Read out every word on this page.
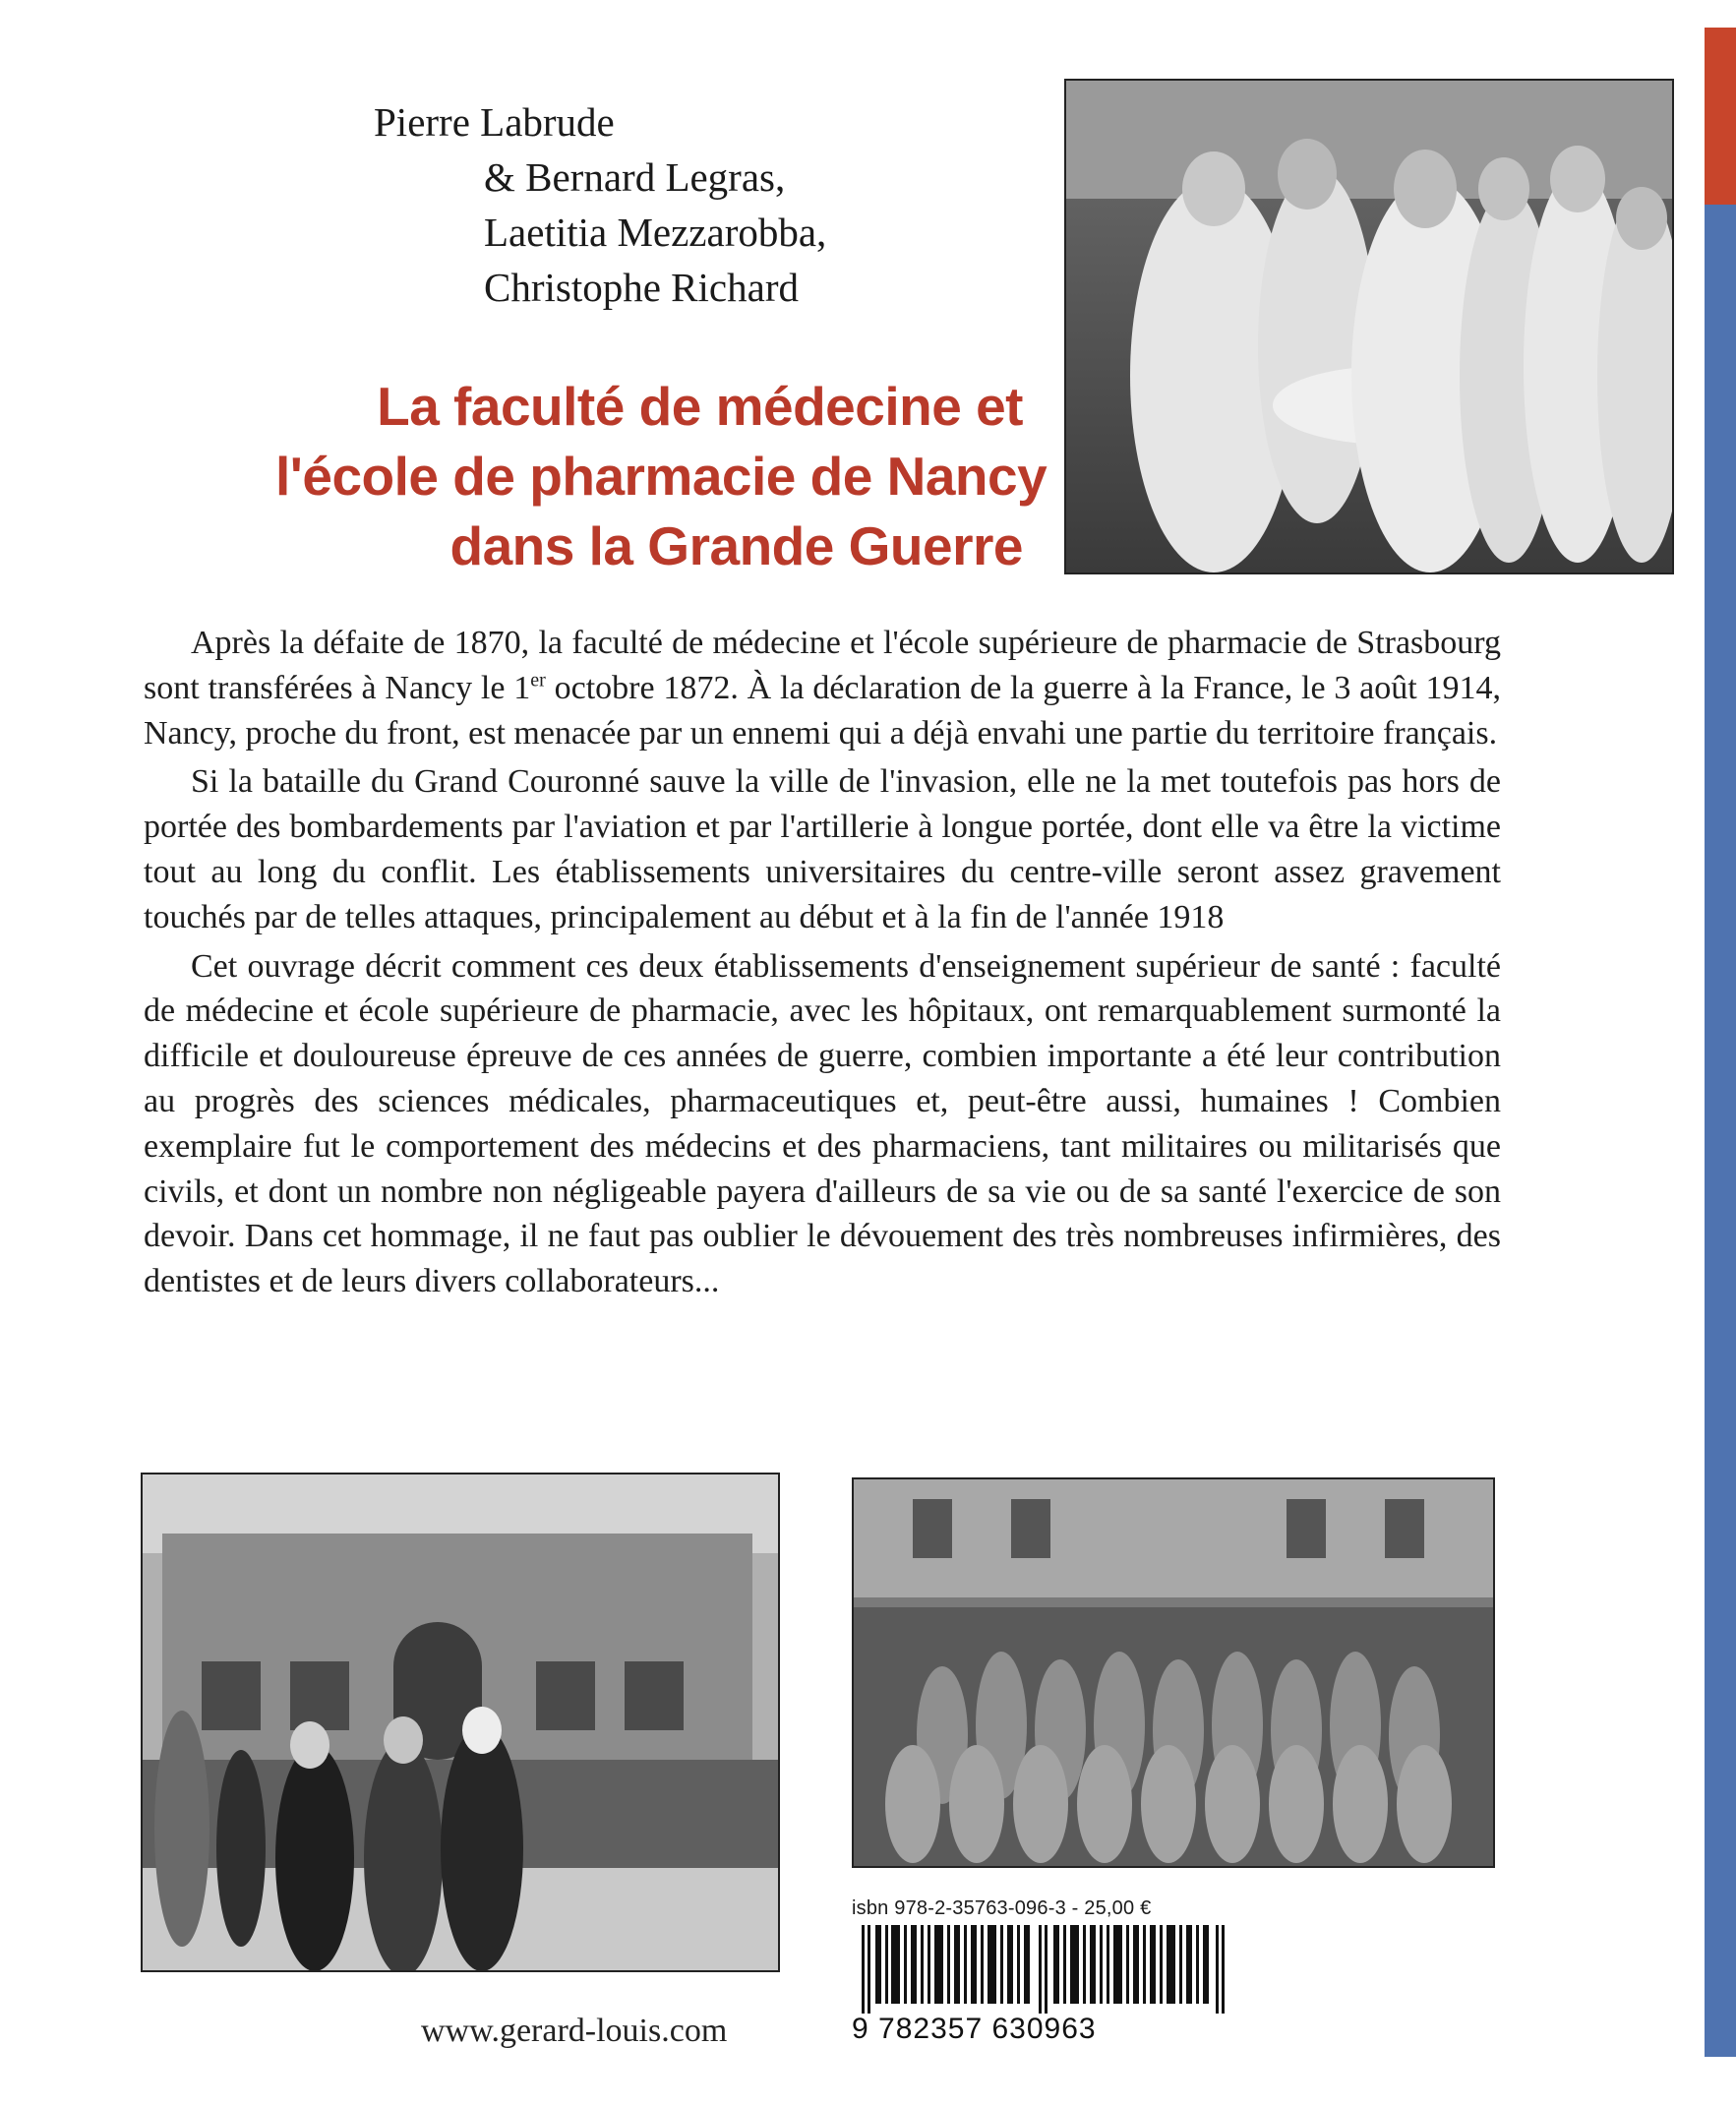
Pierre Labrude
& Bernard Legras,
Laetitia Mezzarobba,
Christophe Richard
La faculté de médecine et
l'école de pharmacie de Nancy
dans la Grande Guerre

Après la défaite de 1870, la faculté de médecine et l'école supérieure de pharmacie de Strasbourg sont transférées à Nancy le 1er octobre 1872. À la déclaration de la guerre à la France, le 3 août 1914, Nancy, proche du front, est menacée par un ennemi qui a déjà envahi une partie du territoire français.

Si la bataille du Grand Couronné sauve la ville de l'invasion, elle ne la met toutefois pas hors de portée des bombardements par l'aviation et par l'artillerie à longue portée, dont elle va être la victime tout au long du conflit. Les établissements universitaires du centre-ville seront assez gravement touchés par de telles attaques, principalement au début et à la fin de l'année 1918

Cet ouvrage décrit comment ces deux établissements d'enseignement supérieur de santé : faculté de médecine et école supérieure de pharmacie, avec les hôpitaux, ont remarquablement surmonté la difficile et douloureuse épreuve de ces années de guerre, combien importante a été leur contribution au progrès des sciences médicales, pharmaceutiques et, peut-être aussi, humaines ! Combien exemplaire fut le comportement des médecins et des pharmaciens, tant militaires ou militarisés que civils, et dont un nombre non négligeable payera d'ailleurs de sa vie ou de sa santé l'exercice de son devoir. Dans cet hommage, il ne faut pas oublier le dévouement des très nombreuses infirmières, des dentistes et de leurs divers collaborateurs...

isbn 978-2-35763-096-3 - 25,00 €
9 782357 630963
www.gerard-louis.com
